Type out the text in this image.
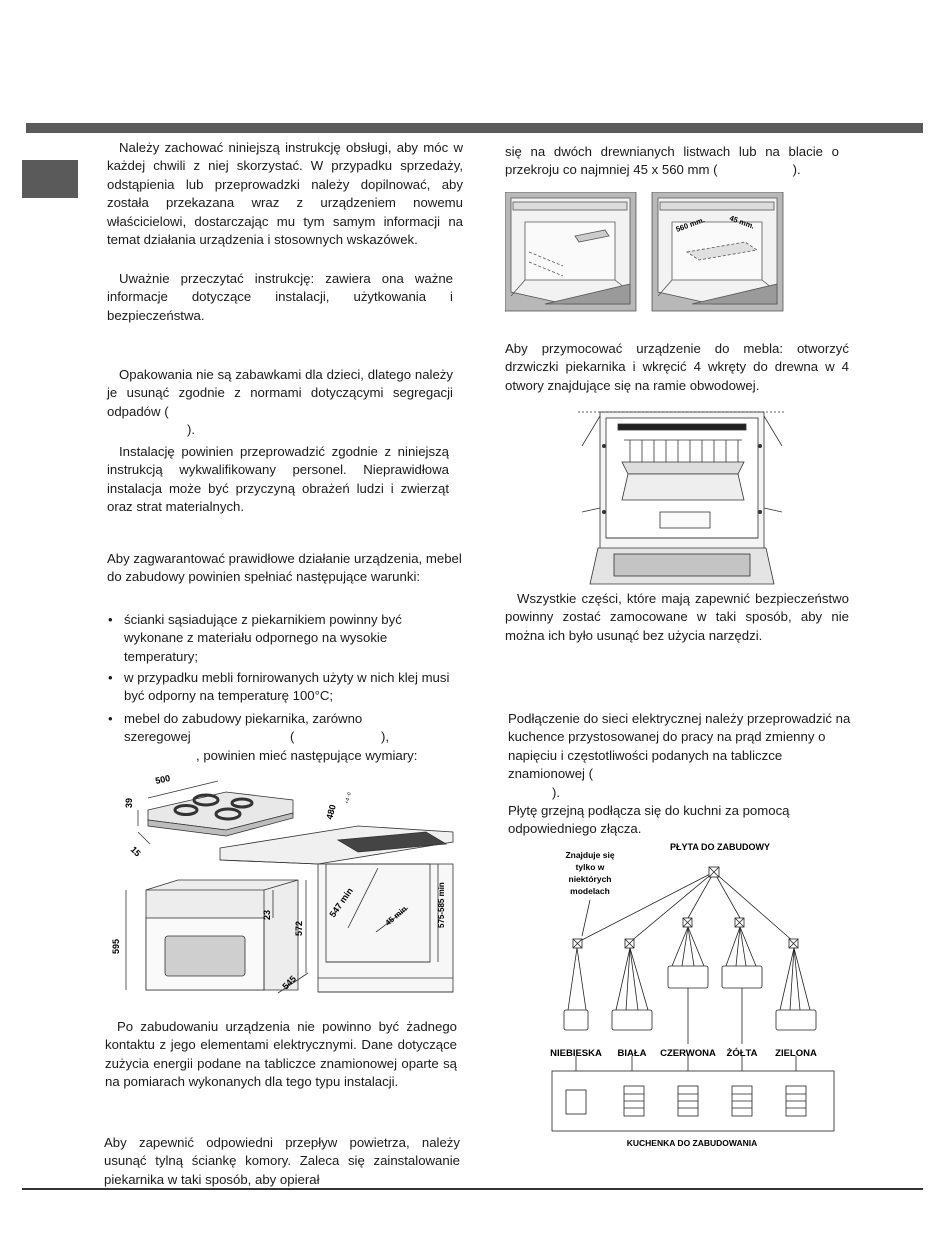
Należy zachować niniejszą instrukcję obsługi, aby móc w każdej chwili z niej skorzystać. W przypadku sprzedaży, odstąpienia lub przeprowadzki należy dopilnować, aby została przekazana wraz z urządzeniem nowemu właścicielowi, dostarczając mu tym samym informacji na temat działania urządzenia i stosownych wskazówek.

Uważnie przeczytać instrukcję: zawiera ona ważne informacje dotyczące instalacji, użytkowania i bezpieczeństwa.

Opakowania nie są zabawkami dla dzieci, dlatego należy je usunąć zgodnie z normami dotyczącymi segregacji odpadów (

).

Instalację powinien przeprowadzić zgodnie z niniejszą instrukcją wykwalifikowany personel. Nieprawidłowa instalacja może być przyczyną obrażeń ludzi i zwierząt oraz strat materialnych.

Aby zagwarantować prawidłowe działanie urządzenia, mebel do zabudowy powinien spełniać następujące warunki:

• ścianki sąsiadujące z piekarnikiem powinny być wykonane z materiału odpornego na wysokie temperatury;
• w przypadku mebli fornirowanych użyty w nich klej musi być odporny na temperaturę 100°C;
• mebel do zabudowy piekarnika, zarówno
szeregowej	(	),
, powinien mieć następujące wymiary:
500
39
15
480
+4 -0
595
23
572
547 min	45 min
545
575-585 min

Po zabudowaniu urządzenia nie powinno być żadnego kontaktu z jego elementami elektrycznymi. Dane dotyczące zużycia energii podane na tabliczce znamionowej oparte są na pomiarach wykonanych dla tego typu instalacji.

Aby zapewnić odpowiedni przepływ powietrza, należy usunąć tylną ściankę komory. Zaleca się zainstalowanie piekarnika w taki sposób, aby opierał

się na dwóch drewnianych listwach lub na blacie o przekroju co najmniej 45 x 560 mm (	).

560 mm.	45 mm.

Aby przymocować urządzenie do mebla: otworzyć drzwiczki piekarnika i wkręcić 4 wkręty do drewna w 4 otwory znajdujące się na ramie obwodowej.

Wszystkie części, które mają zapewnić bezpieczeństwo powinny zostać zamocowane w taki sposób, aby nie można ich było usunąć bez użycia narzędzi.

Podłączenie do sieci elektrycznej należy przeprowadzić na kuchence przystosowanej do pracy na prąd zmienny o napięciu i częstotliwości podanych na tabliczce znamionowej (

).

Płytę grzejną podłącza się do kuchni za pomocą odpowiedniego złącza.

PŁYTA DO ZABUDOWY
Znajduje się
tylko w
niektórych
modelach
NIEBIESKA BIAŁA CZERWONA ŻÓŁTA ZIELONA
KUCHENKA DO ZABUDOWANIA
